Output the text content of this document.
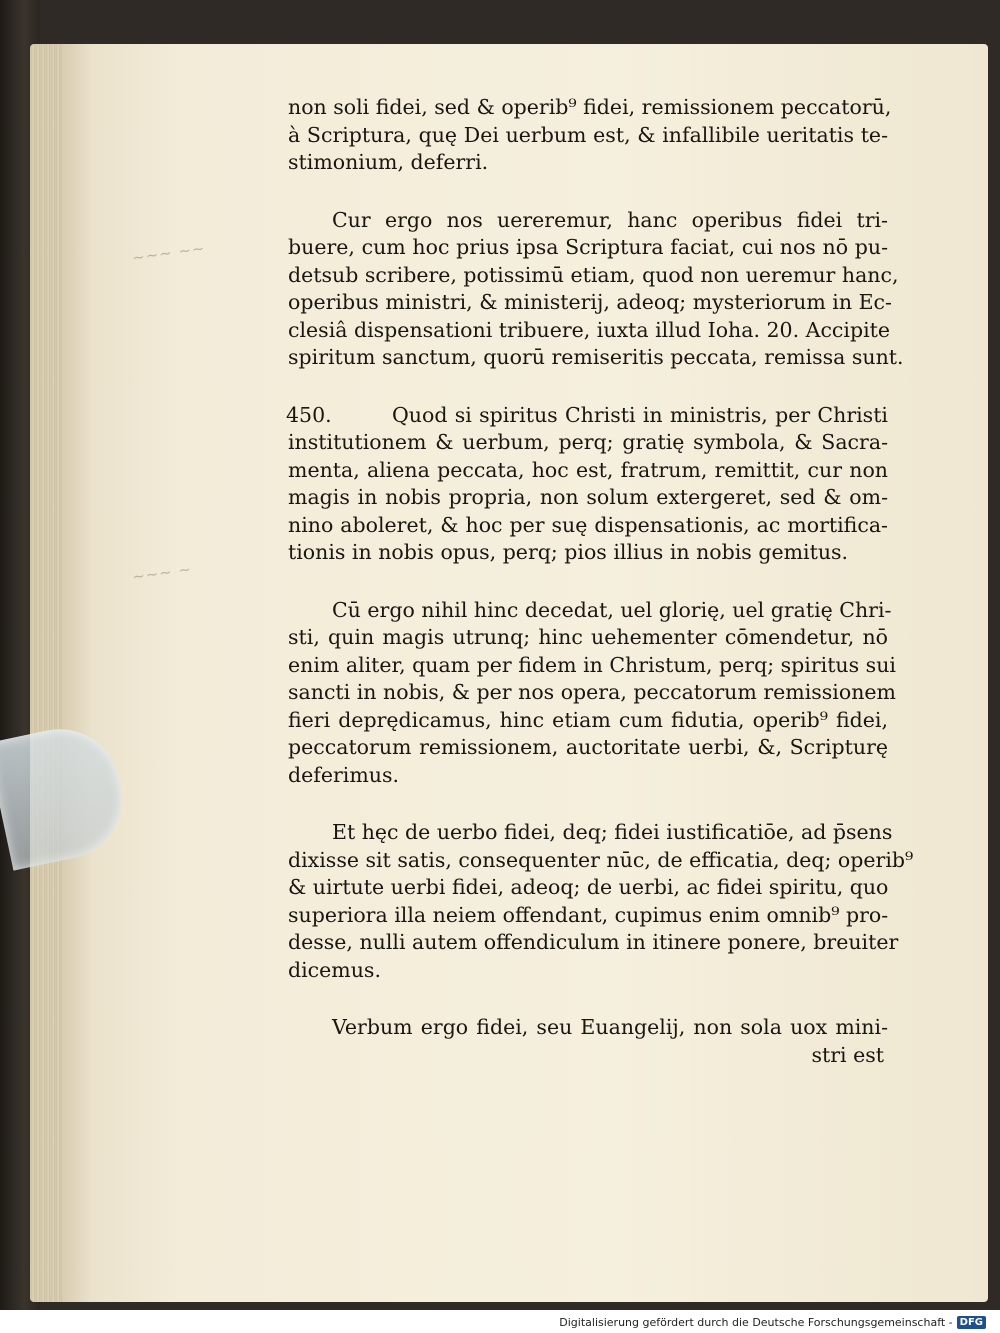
~~~ ~~
~~~ ~
non soli fidei, sed & operib⁹ fidei, remissionem peccatorū,
à Scriptura, quę Dei uerbum est, & infallibile ueritatis te-
stimonium, deferri.
Cur ergo nos uereremur, hanc operibus fidei tri-
buere, cum hoc prius ipsa Scriptura faciat, cui nos nō pu-
detsub scribere, potissimū etiam, quod non ueremur hanc,
operibus ministri, & ministerij, adeoq; mysteriorum in Ec-
clesiâ dispensationi tribuere, iuxta illud Ioha. 20. Accipite
spiritum sanctum, quorū remiseritis peccata, remissa sunt.
450.	Quod si spiritus Christi in ministris, per Christi
institutionem & uerbum, perq; gratię symbola, & Sacra-
menta, aliena peccata, hoc est, fratrum, remittit, cur non
magis in nobis propria, non solum extergeret, sed & om-
nino aboleret, & hoc per suę dispensationis, ac mortifica-
tionis in nobis opus, perq; pios illius in nobis gemitus.
Cū ergo nihil hinc decedat, uel glorię, uel gratię Chri-
sti, quin magis utrunq; hinc uehementer cōmendetur, nō
enim aliter, quam per fidem in Christum, perq; spiritus sui
sancti in nobis, & per nos opera, peccatorum remissionem
fieri deprędicamus, hinc etiam cum fidutia, operib⁹ fidei,
peccatorum remissionem, auctoritate uerbi, &, Scripturę
deferimus.
Et hęc de uerbo fidei, deq; fidei iustificatiōe, ad p̄sens
dixisse sit satis, consequenter nūc, de efficatia, deq; operib⁹
& uirtute uerbi fidei, adeoq; de uerbi, ac fidei spiritu, quo
superiora illa neiem offendant, cupimus enim omnib⁹ pro-
desse, nulli autem offendiculum in itinere ponere, breuiter
dicemus.
Verbum ergo fidei, seu Euangelij, non sola uox mini-
stri est
Digitalisierung gefördert durch die Deutsche Forschungsgemeinschaft - DFG
